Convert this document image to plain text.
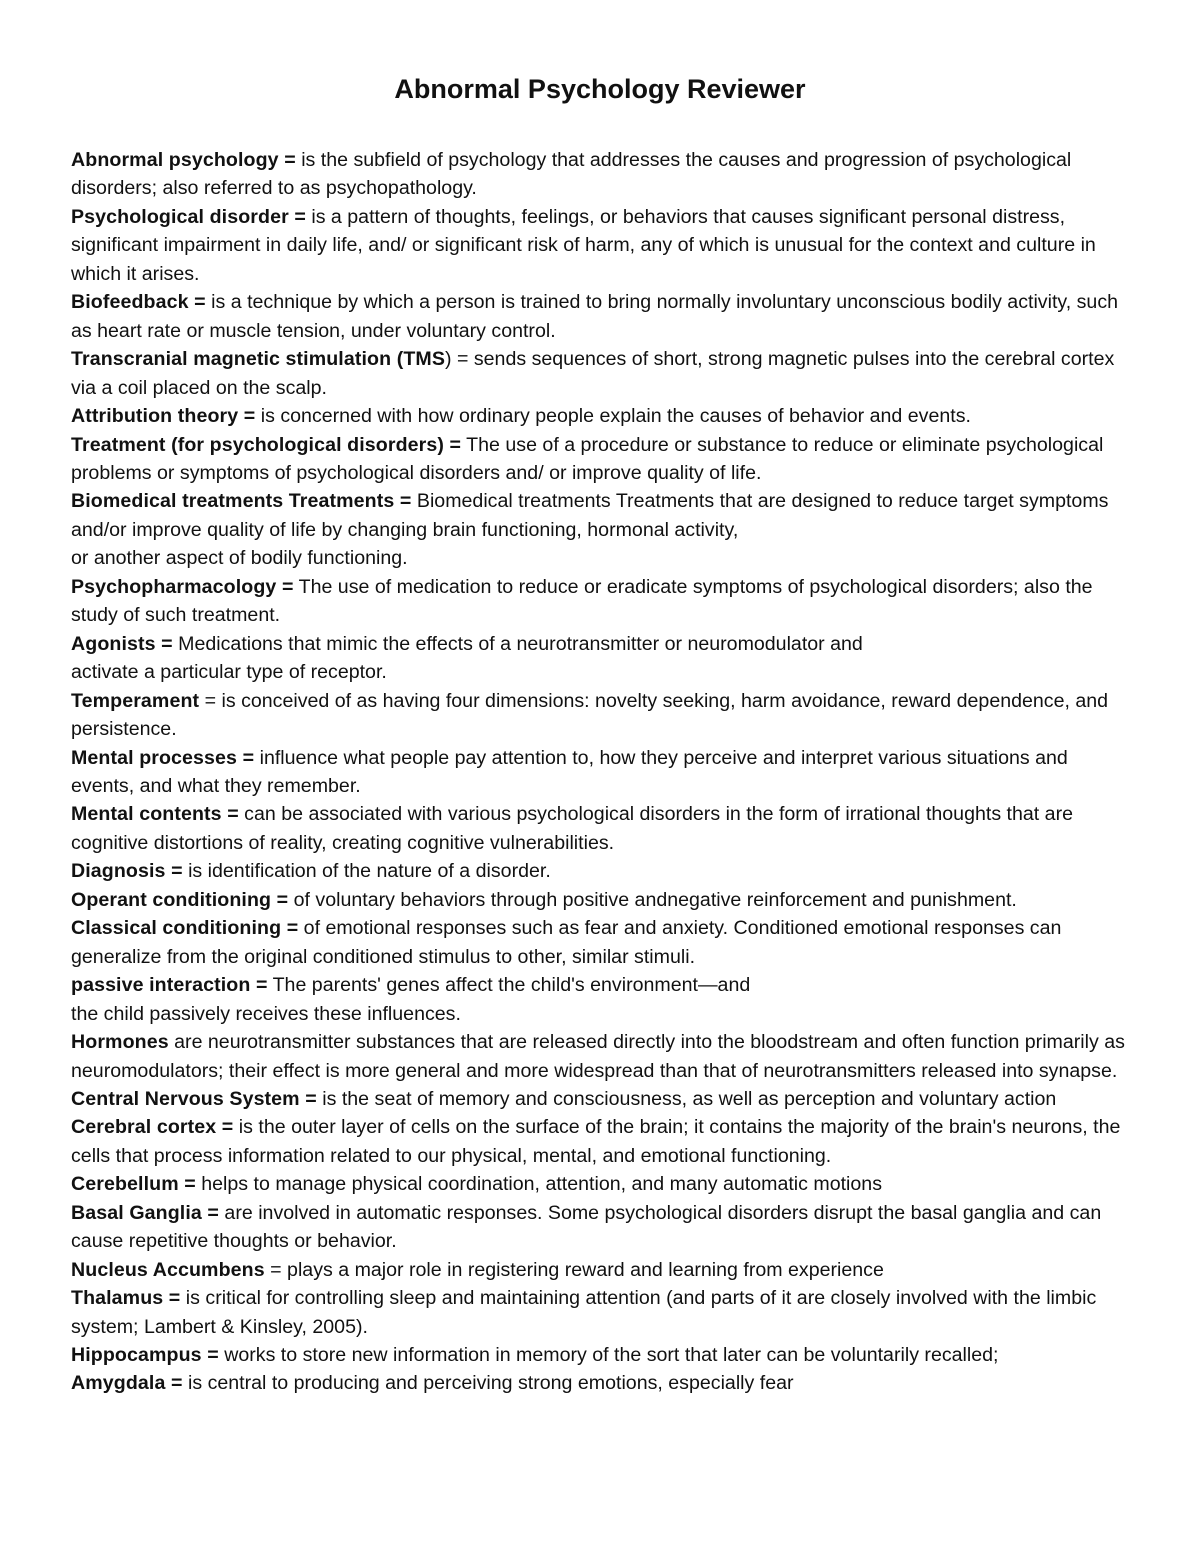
Abnormal Psychology Reviewer

Abnormal psychology = is the subfield of psychology that addresses the causes and progression of psychological disorders; also referred to as psychopathology.

Psychological disorder = is a pattern of thoughts, feelings, or behaviors that causes significant personal distress, significant impairment in daily life, and/ or significant risk of harm, any of which is unusual for the context and culture in which it arises.

Biofeedback = is a technique by which a person is trained to bring normally involuntary unconscious bodily activity, such as heart rate or muscle tension, under voluntary control.

Transcranial magnetic stimulation (TMS) = sends sequences of short, strong magnetic pulses into the cerebral cortex via a coil placed on the scalp.

Attribution theory = is concerned with how ordinary people explain the causes of behavior and events.

Treatment (for psychological disorders) = The use of a procedure or substance to reduce or eliminate psychological problems or symptoms of psychological disorders and/ or improve quality of life.

Biomedical treatments Treatments = Biomedical treatments Treatments that are designed to reduce target symptoms and/or improve quality of life by changing brain functioning, hormonal activity,
or another aspect of bodily functioning.

Psychopharmacology = The use of medication to reduce or eradicate symptoms of psychological disorders; also the study of such treatment.

Agonists = Medications that mimic the effects of a neurotransmitter or neuromodulator and
activate a particular type of receptor.

Temperament = is conceived of as having four dimensions: novelty seeking, harm avoidance, reward dependence, and persistence.

Mental processes = influence what people pay attention to, how they perceive and interpret various situations and events, and what they remember.

Mental contents = can be associated with various psychological disorders in the form of irrational thoughts that are cognitive distortions of reality, creating cognitive vulnerabilities.

Diagnosis = is identification of the nature of a disorder.

Operant conditioning = of voluntary behaviors through positive andnegative reinforcement and punishment.

Classical conditioning = of emotional responses such as fear and anxiety. Conditioned emotional responses can generalize from the original conditioned stimulus to other, similar stimuli.

passive interaction = The parents' genes affect the child's environment—and
the child passively receives these influences.

Hormones are neurotransmitter substances that are released directly into the bloodstream and often function primarily as neuromodulators; their effect is more general and more widespread than that of neurotransmitters released into synapse.

Central Nervous System = is the seat of memory and consciousness, as well as perception and voluntary action

Cerebral cortex = is the outer layer of cells on the surface of the brain; it contains the majority of the brain's neurons, the cells that process information related to our physical, mental, and emotional functioning.

Cerebellum = helps to manage physical coordination, attention, and many automatic motions

Basal Ganglia = are involved in automatic responses. Some psychological disorders disrupt the basal ganglia and can cause repetitive thoughts or behavior.

Nucleus Accumbens = plays a major role in registering reward and learning from experience

Thalamus = is critical for controlling sleep and maintaining attention (and parts of it are closely involved with the limbic system; Lambert & Kinsley, 2005).

Hippocampus = works to store new information in memory of the sort that later can be voluntarily recalled;

Amygdala = is central to producing and perceiving strong emotions, especially fear
